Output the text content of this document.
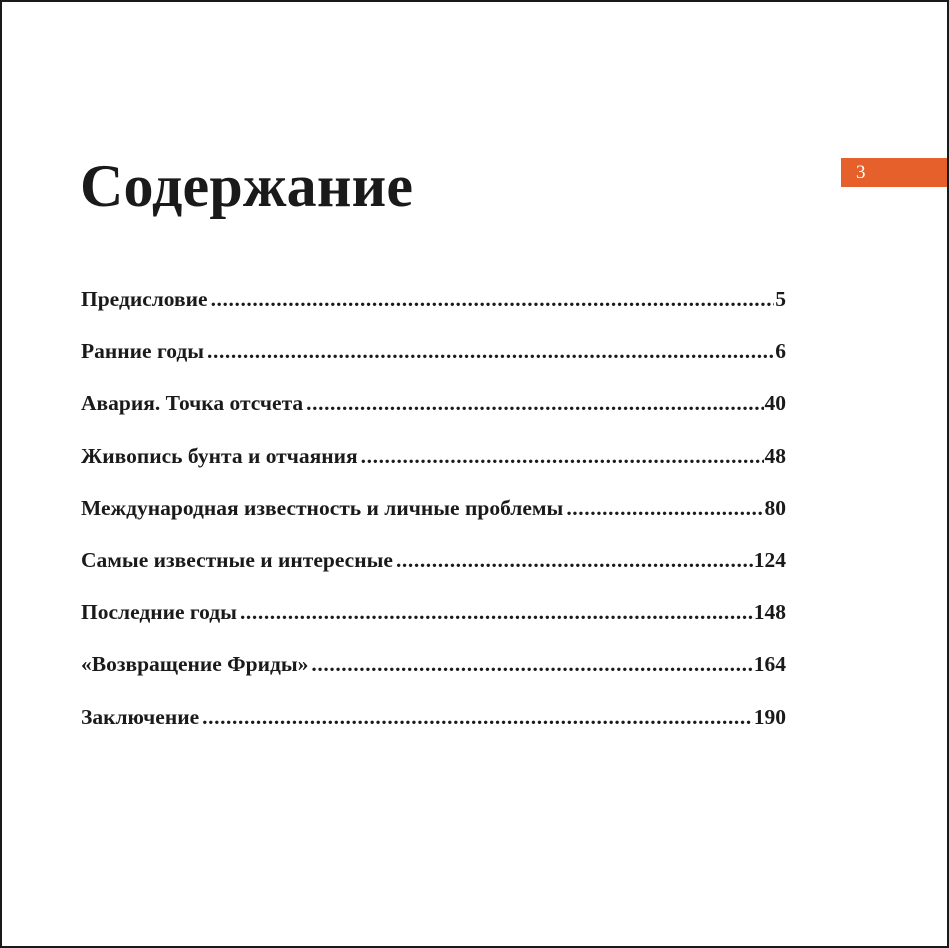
3
Содержание
Предисловие .....	5
Ранние годы .....	6
Авария. Точка отсчета .....	40
Живопись бунта и отчаяния .....	48
Международная известность и личные проблемы .....	80
Самые известные и интересные .....	124
Последние годы .....	148
«Возвращение Фриды» .....	164
Заключение .....	190
